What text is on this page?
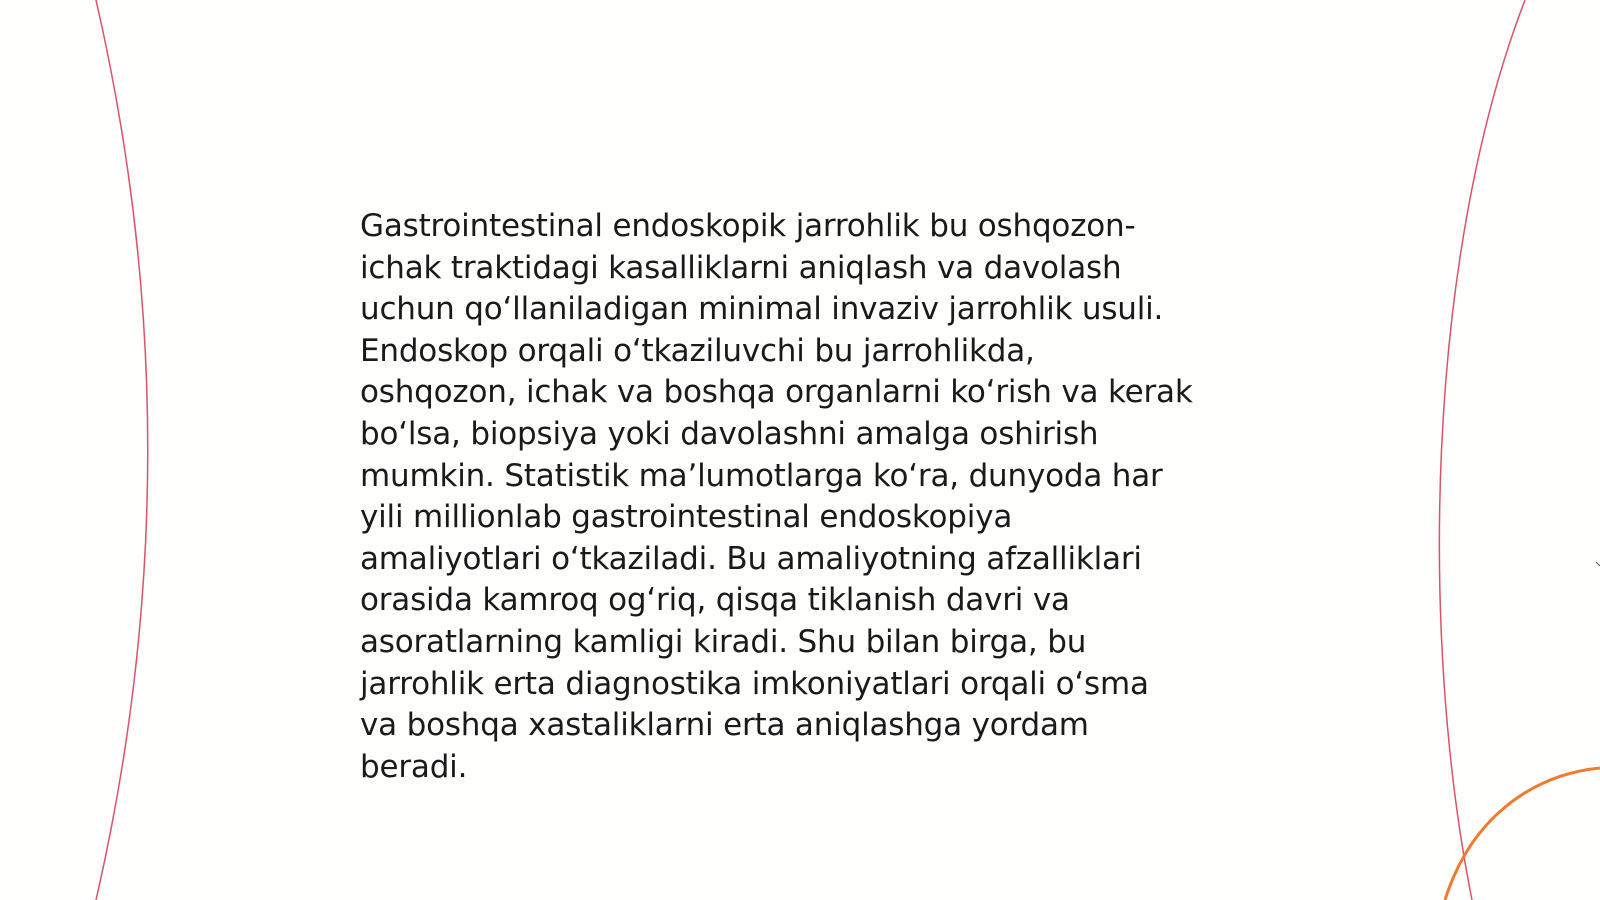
Gastrointestinal endoskopik jarrohlik bu oshqozon-
ichak traktidagi kasalliklarni aniqlash va davolash
uchun qo‘llaniladigan minimal invaziv jarrohlik usuli.
Endoskop orqali o‘tkaziluvchi bu jarrohlikda,
oshqozon, ichak va boshqa organlarni ko‘rish va kerak
bo‘lsa, biopsiya yoki davolashni amalga oshirish
mumkin. Statistik ma’lumotlarga ko‘ra, dunyoda har
yili millionlab gastrointestinal endoskopiya
amaliyotlari o‘tkaziladi. Bu amaliyotning afzalliklari
orasida kamroq og‘riq, qisqa tiklanish davri va
asoratlarning kamligi kiradi. Shu bilan birga, bu
jarrohlik erta diagnostika imkoniyatlari orqali o‘sma
va boshqa xastaliklarni erta aniqlashga yordam
beradi.
